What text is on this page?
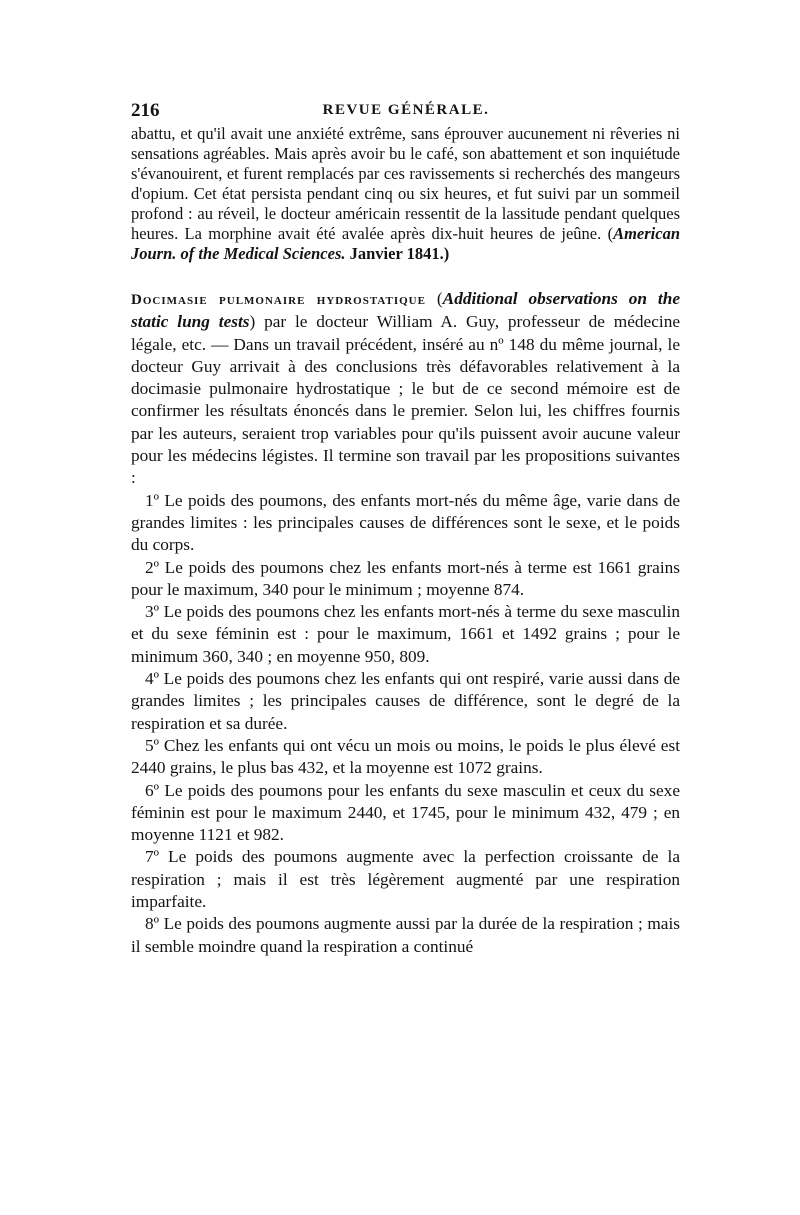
216	REVUE GÉNÉRALE.

abattu, et qu'il avait une anxiété extrême, sans éprouver aucunement ni rêveries ni sensations agréables. Mais après avoir bu le café, son abattement et son inquiétude s'évanouirent, et furent remplacés par ces ravissements si recherchés des mangeurs d'opium. Cet état persista pendant cinq ou six heures, et fut suivi par un sommeil profond : au réveil, le docteur américain ressentit de la lassitude pendant quelques heures. La morphine avait été avalée après dix-huit heures de jeûne. (American Journ. of the Medical Sciences. Janvier 1841.)

Docimasie pulmonaire hydrostatique (Additional observations on the static lung tests) par le docteur William A. Guy, professeur de médecine légale, etc. — Dans un travail précédent, inséré au nº 148 du même journal, le docteur Guy arrivait à des conclusions très défavorables relativement à la docimasie pulmonaire hydrostatique ; le but de ce second mémoire est de confirmer les résultats énoncés dans le premier. Selon lui, les chiffres fournis par les auteurs, seraient trop variables pour qu'ils puissent avoir aucune valeur pour les médecins légistes. Il termine son travail par les propositions suivantes :

1º Le poids des poumons, des enfants mort-nés du même âge, varie dans de grandes limites : les principales causes de différences sont le sexe, et le poids du corps.

2º Le poids des poumons chez les enfants mort-nés à terme est 1661 grains pour le maximum, 340 pour le minimum ; moyenne 874.

3º Le poids des poumons chez les enfants mort-nés à terme du sexe masculin et du sexe féminin est : pour le maximum, 1661 et 1492 grains ; pour le minimum 360, 340 ; en moyenne 950, 809.

4º Le poids des poumons chez les enfants qui ont respiré, varie aussi dans de grandes limites ; les principales causes de différence, sont le degré de la respiration et sa durée.

5º Chez les enfants qui ont vécu un mois ou moins, le poids le plus élevé est 2440 grains, le plus bas 432, et la moyenne est 1072 grains.

6º Le poids des poumons pour les enfants du sexe masculin et ceux du sexe féminin est pour le maximum 2440, et 1745, pour le minimum 432, 479 ; en moyenne 1121 et 982.

7º Le poids des poumons augmente avec la perfection croissante de la respiration ; mais il est très légèrement augmenté par une respiration imparfaite.

8º Le poids des poumons augmente aussi par la durée de la respiration ; mais il semble moindre quand la respiration a continué
